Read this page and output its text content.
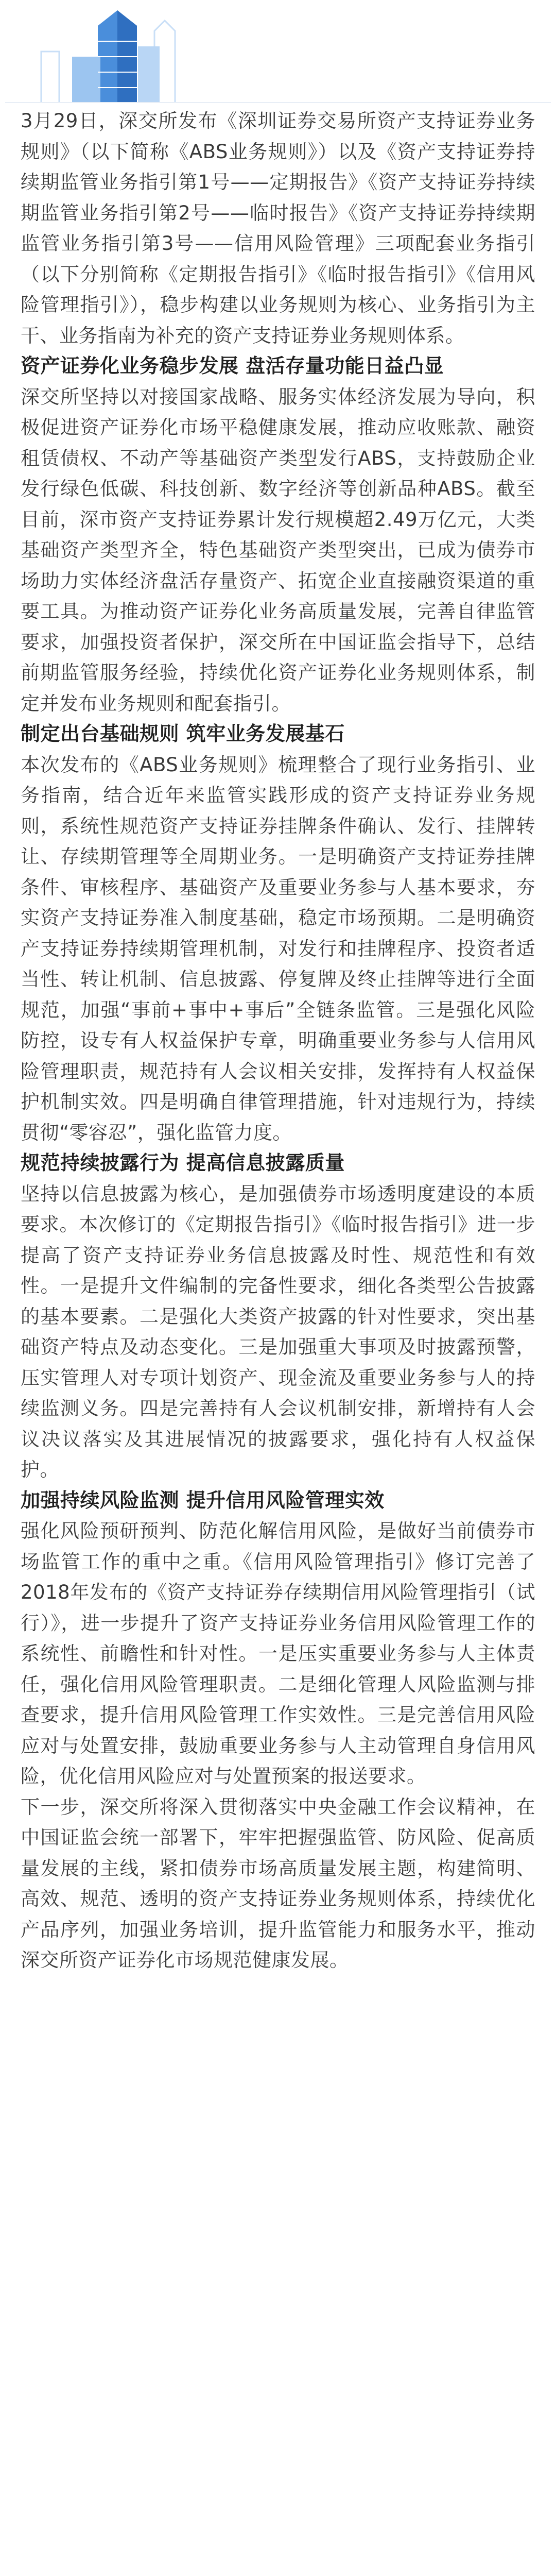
3月29日，深交所发布《深圳证券交易所资产支持证券业务规则》（以下简称《ABS业务规则》）以及《资产支持证券持续期监管业务指引第1号——定期报告》《资产支持证券持续期监管业务指引第2号——临时报告》《资产支持证券持续期监管业务指引第3号——信用风险管理》三项配套业务指引（以下分别简称《定期报告指引》《临时报告指引》《信用风险管理指引》），稳步构建以业务规则为核心、业务指引为主干、业务指南为补充的资产支持证券业务规则体系。

资产证券化业务稳步发展 盘活存量功能日益凸显

深交所坚持以对接国家战略、服务实体经济发展为导向，积极促进资产证券化市场平稳健康发展，推动应收账款、融资租赁债权、不动产等基础资产类型发行ABS，支持鼓励企业发行绿色低碳、科技创新、数字经济等创新品种ABS。截至目前，深市资产支持证券累计发行规模超2.49万亿元，大类基础资产类型齐全，特色基础资产类型突出，已成为债券市场助力实体经济盘活存量资产、拓宽企业直接融资渠道的重要工具。为推动资产证券化业务高质量发展，完善自律监管要求，加强投资者保护，深交所在中国证监会指导下，总结前期监管服务经验，持续优化资产证券化业务规则体系，制定并发布业务规则和配套指引。

制定出台基础规则 筑牢业务发展基石

本次发布的《ABS业务规则》梳理整合了现行业务指引、业务指南，结合近年来监管实践形成的资产支持证券业务规则，系统性规范资产支持证券挂牌条件确认、发行、挂牌转让、存续期管理等全周期业务。一是明确资产支持证券挂牌条件、审核程序、基础资产及重要业务参与人基本要求，夯实资产支持证券准入制度基础，稳定市场预期。二是明确资产支持证券持续期管理机制，对发行和挂牌程序、投资者适当性、转让机制、信息披露、停复牌及终止挂牌等进行全面规范，加强“事前+事中+事后”全链条监管。三是强化风险防控，设专有人权益保护专章，明确重要业务参与人信用风险管理职责，规范持有人会议相关安排，发挥持有人权益保护机制实效。四是明确自律管理措施，针对违规行为，持续贯彻“零容忍”，强化监管力度。

规范持续披露行为 提高信息披露质量

坚持以信息披露为核心，是加强债券市场透明度建设的本质要求。本次修订的《定期报告指引》《临时报告指引》进一步提高了资产支持证券业务信息披露及时性、规范性和有效性。一是提升文件编制的完备性要求，细化各类型公告披露的基本要素。二是强化大类资产披露的针对性要求，突出基础资产特点及动态变化。三是加强重大事项及时披露预警，压实管理人对专项计划资产、现金流及重要业务参与人的持续监测义务。四是完善持有人会议机制安排，新增持有人会议决议落实及其进展情况的披露要求，强化持有人权益保护。

加强持续风险监测 提升信用风险管理实效

强化风险预研预判、防范化解信用风险，是做好当前债券市场监管工作的重中之重。《信用风险管理指引》修订完善了2018年发布的《资产支持证券存续期信用风险管理指引（试行）》，进一步提升了资产支持证券业务信用风险管理工作的系统性、前瞻性和针对性。一是压实重要业务参与人主体责任，强化信用风险管理职责。二是细化管理人风险监测与排查要求，提升信用风险管理工作实效性。三是完善信用风险应对与处置安排，鼓励重要业务参与人主动管理自身信用风险，优化信用风险应对与处置预案的报送要求。

下一步，深交所将深入贯彻落实中央金融工作会议精神，在中国证监会统一部署下，牢牢把握强监管、防风险、促高质量发展的主线，紧扣债券市场高质量发展主题，构建简明、高效、规范、透明的资产支持证券业务规则体系，持续优化产品序列，加强业务培训，提升监管能力和服务水平，推动深交所资产证券化市场规范健康发展。
